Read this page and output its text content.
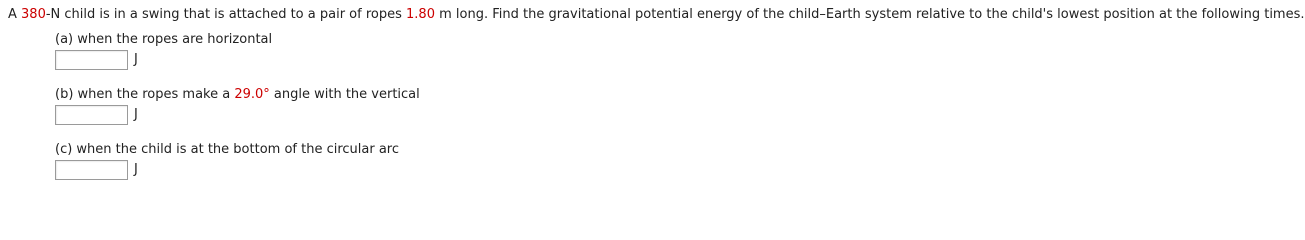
A 380-N child is in a swing that is attached to a pair of ropes 1.80 m long. Find the gravitational potential energy of the child–Earth system relative to the child's lowest position at the following times.
(a) when the ropes are horizontal
J
(b) when the ropes make a 29.0° angle with the vertical
J
(c) when the child is at the bottom of the circular arc
J
